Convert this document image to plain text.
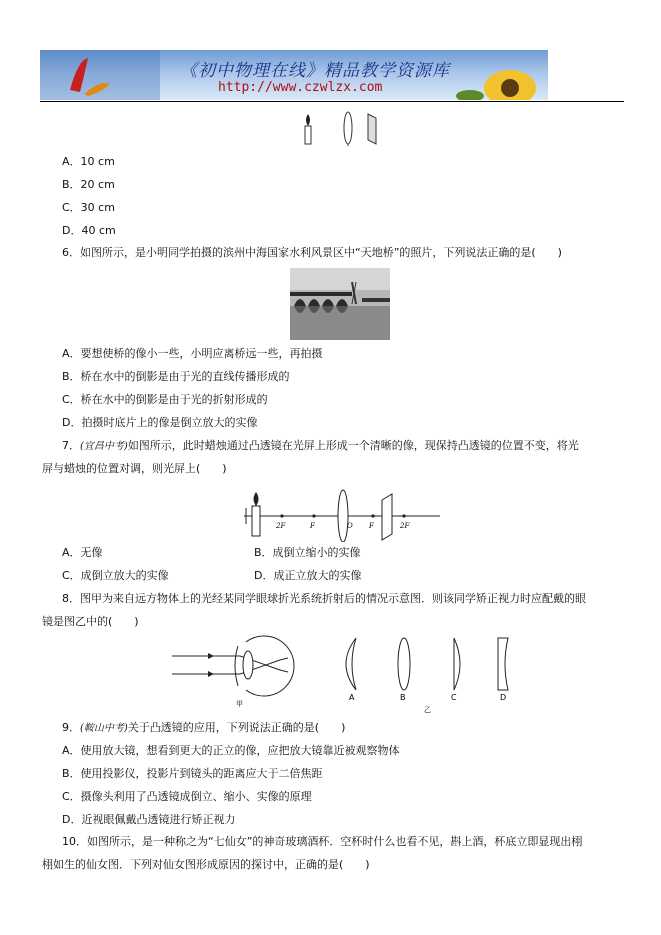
《初中物理在线》精品教学资源库
http://www.czwlzx.com
A．10 cm
B．20 cm
C．30 cm
D．40 cm
6．如图所示，是小明同学拍摄的滨州中海国家水利风景区中“天地桥”的照片，下列说法正确的是(　　)
A．要想使桥的像小一些，小明应离桥远一些，再拍摄
B．桥在水中的倒影是由于光的直线传播形成的
C．桥在水中的倒影是由于光的折射形成的
D．拍摄时底片上的像是倒立放大的实像
7．(宜昌中考)如图所示，此时蜡烛通过凸透镜在光屏上形成一个清晰的像，现保持凸透镜的位置不变，将光
屏与蜡烛的位置对调，则光屏上(　　)
2F	F	O F	2F
A．无像	B．成倒立缩小的实像
C．成倒立放大的实像	D．成正立放大的实像
8．图甲为来自远方物体上的光经某同学眼球折光系统折射后的情况示意图．则该同学矫正视力时应配戴的眼
镜是图乙中的(　　)
甲
A	B	C	D
乙
9．(鞍山中考)关于凸透镜的应用，下列说法正确的是(　　)
A．使用放大镜，想看到更大的正立的像，应把放大镜靠近被观察物体
B．使用投影仪，投影片到镜头的距离应大于二倍焦距
C．摄像头利用了凸透镜成倒立、缩小、实像的原理
D．近视眼佩戴凸透镜进行矫正视力
10．如图所示，是一种称之为“七仙女”的神奇玻璃酒杯．空杯时什么也看不见，斟上酒，杯底立即显现出栩
栩如生的仙女图．下列对仙女图形成原因的探讨中，正确的是(　　)
